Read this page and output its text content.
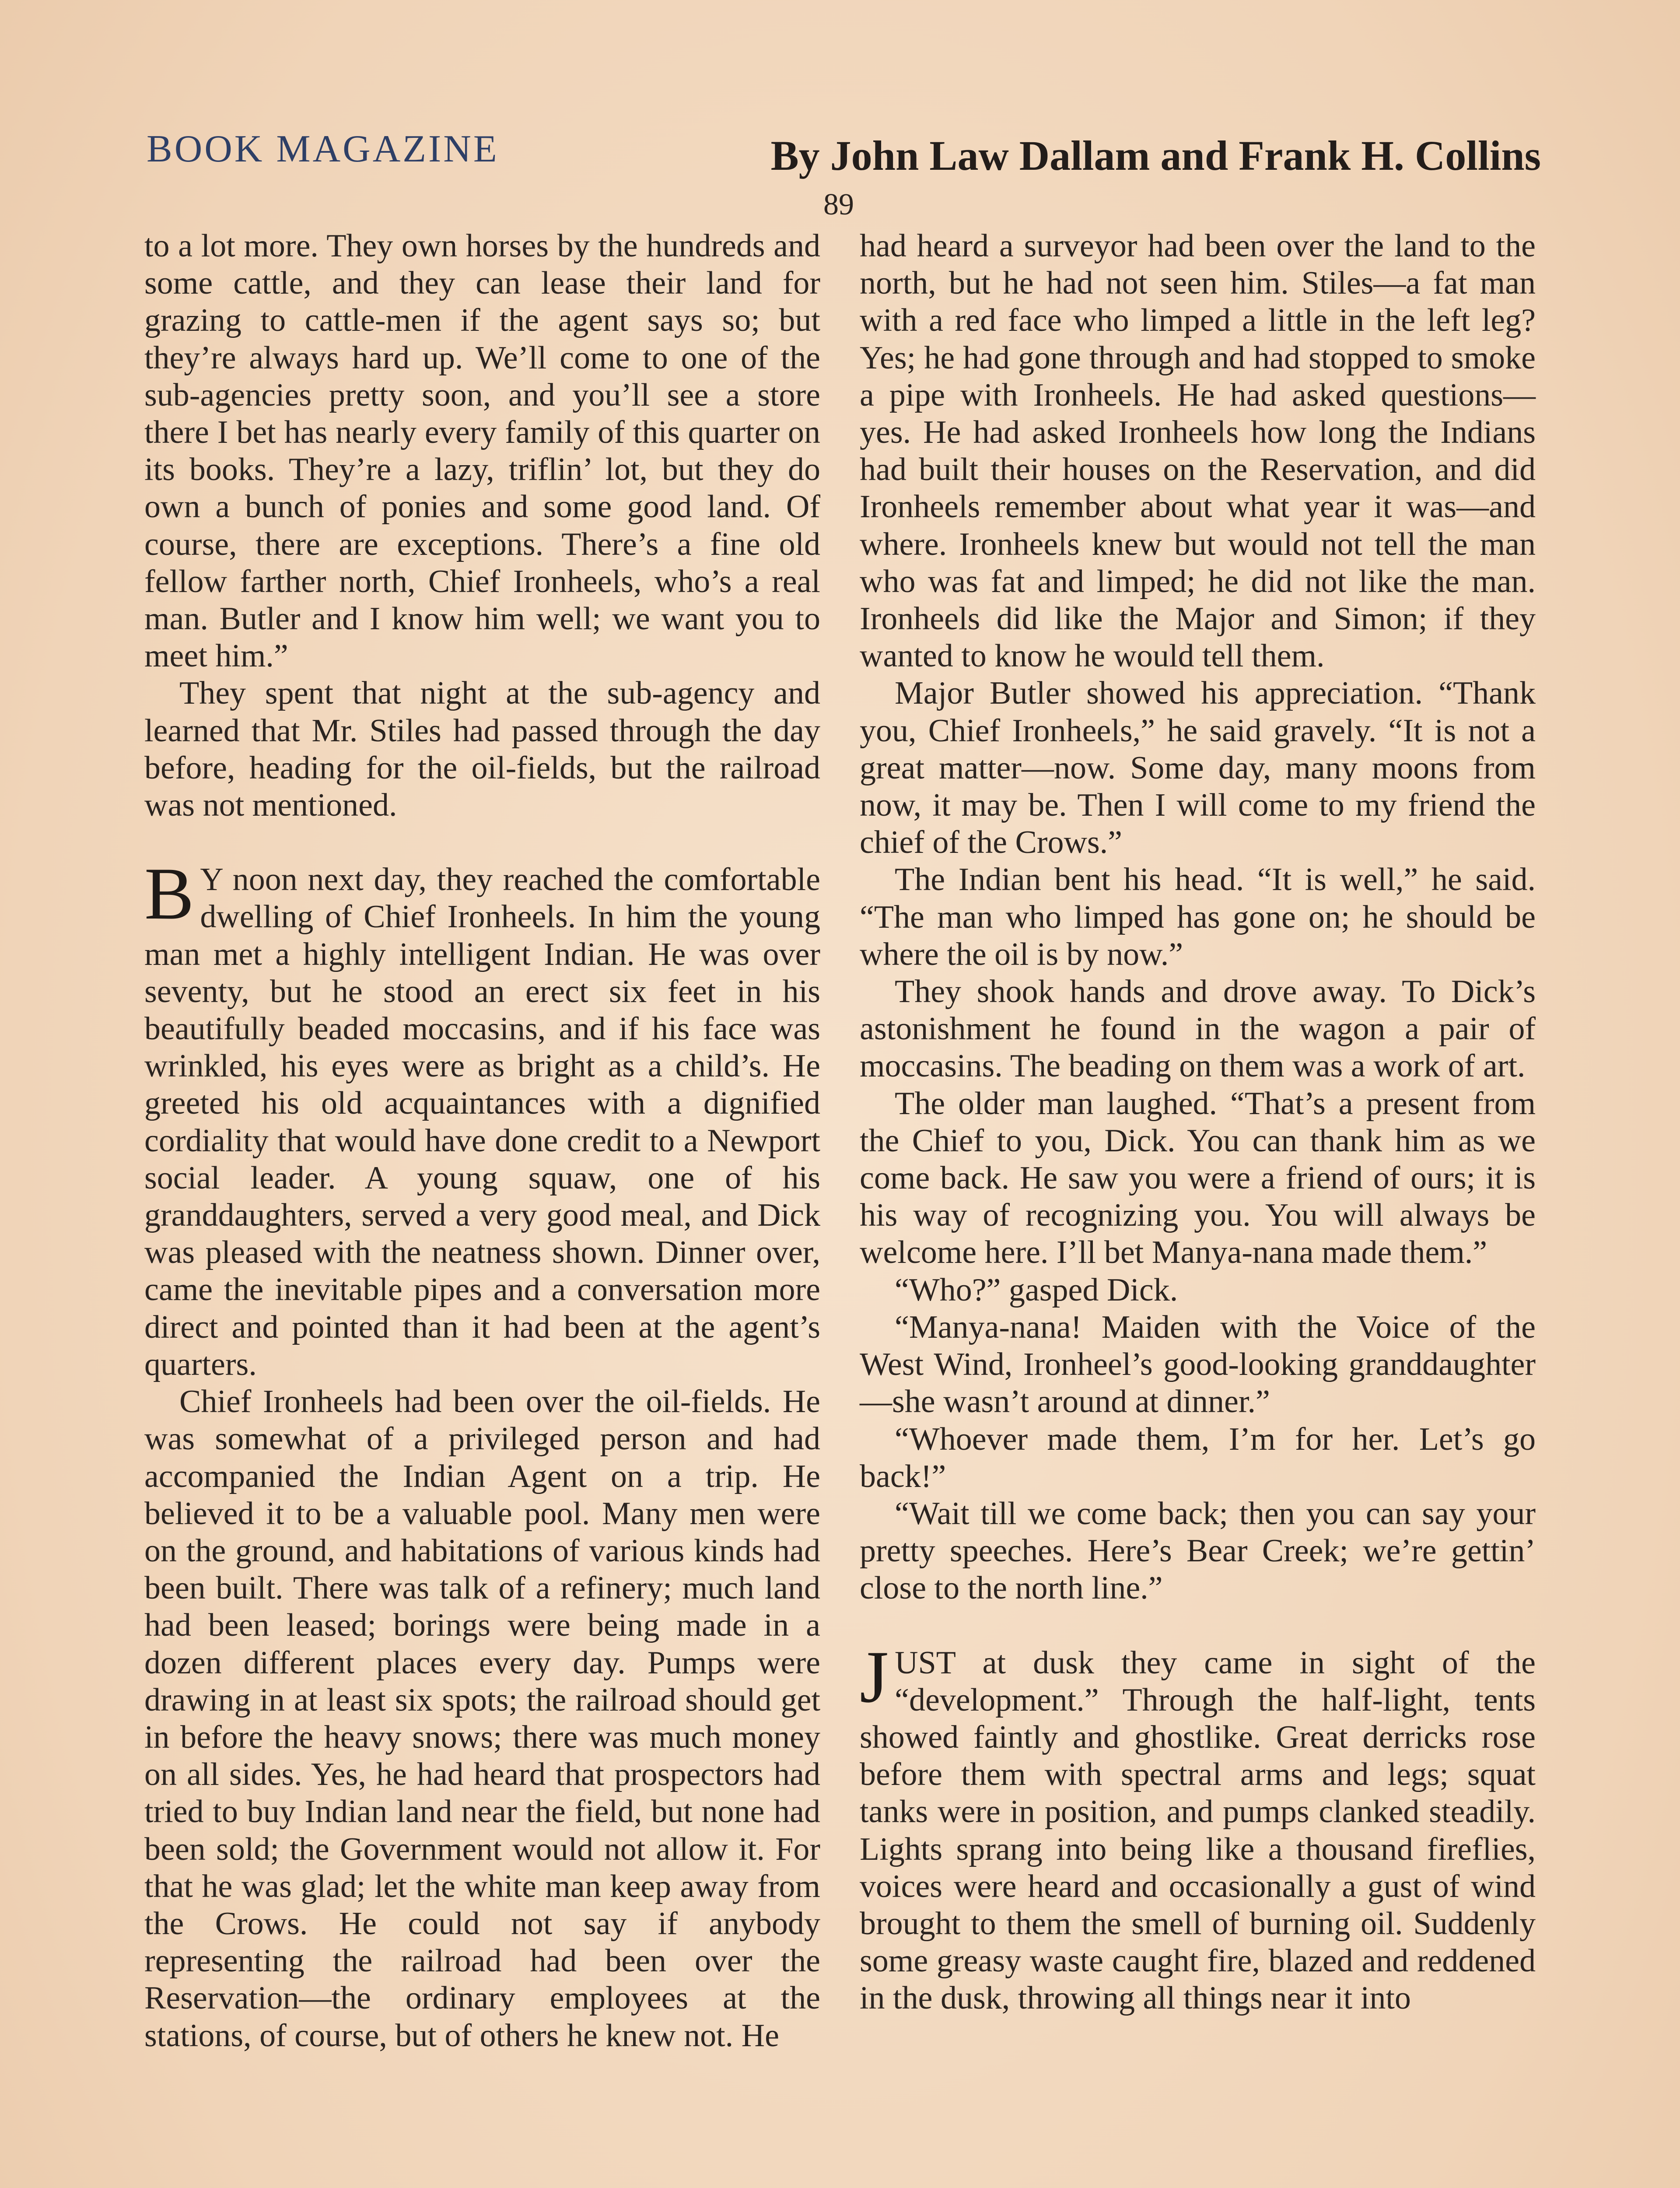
BOOK MAGAZINE	By John Law Dallam and Frank H. Collins
89

to a lot more. They own horses by the hundreds and some cattle, and they can lease their land for grazing to cattle-men if the agent says so; but they’re always hard up. We’ll come to one of the sub-agencies pretty soon, and you’ll see a store there I bet has nearly every family of this quarter on its books. They’re a lazy, triflin’ lot, but they do own a bunch of ponies and some good land. Of course, there are exceptions. There’s a fine old fellow farther north, Chief Ironheels, who’s a real man. Butler and I know him well; we want you to meet him.”

They spent that night at the sub-agency and learned that Mr. Stiles had passed through the day before, heading for the oil-fields, but the railroad was not mentioned.

B Y noon next day, they reached the comfortable dwelling of Chief Ironheels. In him the young man met a highly intelligent Indian. He was over seventy, but he stood an erect six feet in his beautifully beaded moccasins, and if his face was wrinkled, his eyes were as bright as a child’s. He greeted his old acquaintances with a dignified cordiality that would have done credit to a Newport social leader. A young squaw, one of his granddaughters, served a very good meal, and Dick was pleased with the neatness shown. Dinner over, came the inevitable pipes and a conversation more direct and pointed than it had been at the agent’s quarters.

Chief Ironheels had been over the oil-fields. He was somewhat of a privileged person and had accompanied the Indian Agent on a trip. He believed it to be a valuable pool. Many men were on the ground, and habitations of various kinds had been built. There was talk of a refinery; much land had been leased; borings were being made in a dozen different places every day. Pumps were drawing in at least six spots; the railroad should get in before the heavy snows; there was much money on all sides. Yes, he had heard that prospectors had tried to buy Indian land near the field, but none had been sold; the Government would not allow it. For that he was glad; let the white man keep away from the Crows. He could not say if anybody representing the railroad had been over the Reservation—the ordinary employees at the stations, of course, but of others he knew not. He

had heard a surveyor had been over the land to the north, but he had not seen him. Stiles—a fat man with a red face who limped a little in the left leg? Yes; he had gone through and had stopped to smoke a pipe with Ironheels. He had asked questions—yes. He had asked Ironheels how long the Indians had built their houses on the Reservation, and did Ironheels remember about what year it was—and where. Ironheels knew but would not tell the man who was fat and limped; he did not like the man. Ironheels did like the Major and Simon; if they wanted to know he would tell them.

Major Butler showed his appreciation. “Thank you, Chief Ironheels,” he said gravely. “It is not a great matter—now. Some day, many moons from now, it may be. Then I will come to my friend the chief of the Crows.”

The Indian bent his head. “It is well,” he said. “The man who limped has gone on; he should be where the oil is by now.”

They shook hands and drove away. To Dick’s astonishment he found in the wagon a pair of moccasins. The beading on them was a work of art.

The older man laughed. “That’s a present from the Chief to you, Dick. You can thank him as we come back. He saw you were a friend of ours; it is his way of recognizing you. You will always be welcome here. I’ll bet Manya-nana made them.”

“Who?” gasped Dick.

“Manya-nana! Maiden with the Voice of the West Wind, Ironheel’s good-looking granddaughter—she wasn’t around at dinner.”

“Whoever made them, I’m for her. Let’s go back!”

“Wait till we come back; then you can say your pretty speeches. Here’s Bear Creek; we’re gettin’ close to the north line.”

JUST at dusk they came in sight of the “development.” Through the half-light, tents showed faintly and ghostlike. Great derricks rose before them with spectral arms and legs; squat tanks were in position, and pumps clanked steadily. Lights sprang into being like a thousand fireflies, voices were heard and occasionally a gust of wind brought to them the smell of burning oil. Suddenly some greasy waste caught fire, blazed and reddened in the dusk, throwing all things near it into
